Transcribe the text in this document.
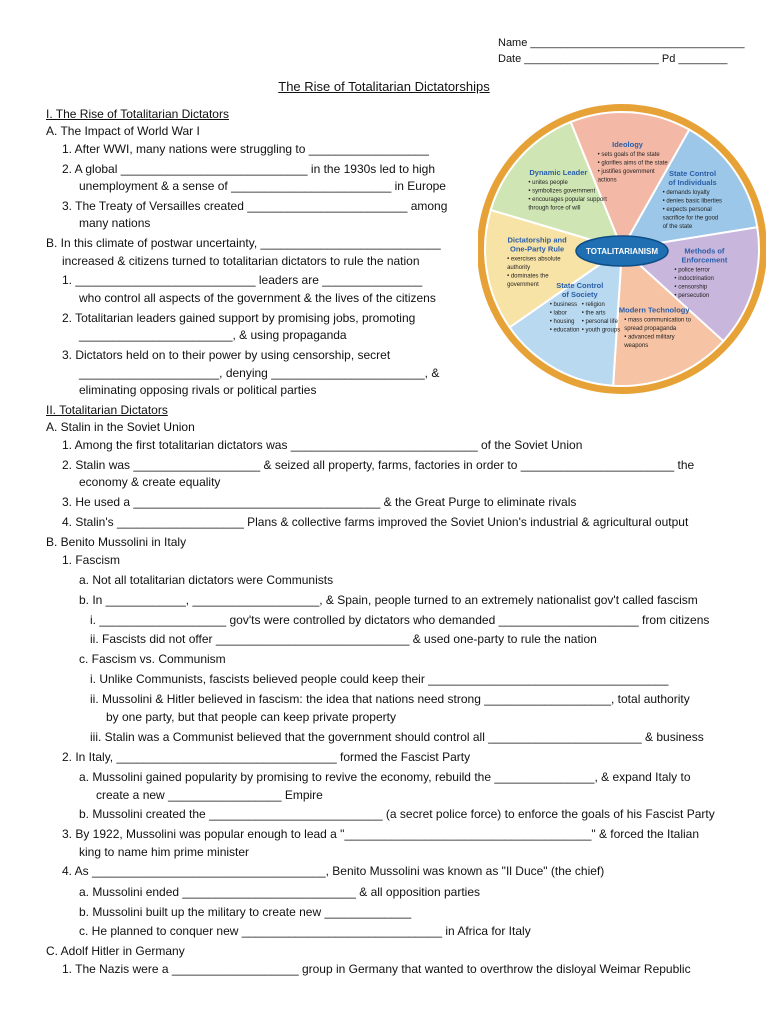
Name ___________________________________
Date ______________________ Pd ________
The Rise of Totalitarian Dictatorships
I. The Rise of Totalitarian Dictators
A. The Impact of World War I
1. After WWI, many nations were struggling to __________________
2. A global ____________________________ in the 1930s led to high
unemployment & a sense of ________________________ in Europe
3. The Treaty of Versailles created ________________________ among
many nations
B. In this climate of postwar uncertainty, ___________________________
increased & citizens turned to totalitarian dictators to rule the nation
1. ___________________________ leaders are _______________
who control all aspects of the government & the lives of the citizens
2. Totalitarian leaders gained support by promising jobs, promoting
_______________________, & using propaganda
3. Dictators held on to their power by using censorship, secret
_____________________, denying _______________________, &
eliminating opposing rivals or political parties
II. Totalitarian Dictators
A. Stalin in the Soviet Union
1. Among the first totalitarian dictators was ____________________________ of the Soviet Union
2. Stalin was ___________________ & seized all property, farms, factories in order to _______________________ the
economy & create equality
3. He used a _____________________________________ & the Great Purge to eliminate rivals
4. Stalin's ___________________ Plans & collective farms improved the Soviet Union's industrial & agricultural output
B. Benito Mussolini in Italy
1. Fascism
a. Not all totalitarian dictators were Communists
b. In ____________, ___________________, & Spain, people turned to an extremely nationalist gov't called fascism
i. ___________________ gov'ts were controlled by dictators who demanded _____________________ from citizens
ii. Fascists did not offer _____________________________ & used one-party to rule the nation
c. Fascism vs. Communism
i. Unlike Communists, fascists believed people could keep their ____________________________________
ii. Mussolini & Hitler believed in fascism: the idea that nations need strong ___________________, total authority
by one party, but that people can keep private property
iii. Stalin was a Communist believed that the government should control all _______________________ & business
2. In Italy, _________________________________ formed the Fascist Party
a. Mussolini gained popularity by promising to revive the economy, rebuild the _______________, & expand Italy to
create a new _________________ Empire
b. Mussolini created the __________________________ (a secret police force) to enforce the goals of his Fascist Party
3. By 1922, Mussolini was popular enough to lead a "_____________________________________" & forced the Italian
king to name him prime minister
4. As ___________________________________, Benito Mussolini was known as "Il Duce" (the chief)
a. Mussolini ended __________________________ & all opposition parties
b. Mussolini built up the military to create new _____________
c. He planned to conquer new ______________________________ in Africa for Italy
C. Adolf Hitler in Germany
1. The Nazis were a ___________________ group in Germany that wanted to overthrow the disloyal Weimar Republic
Ideology
• sets goals of the state
• glorifies aims of the state
• justifies government
actions
State Control
of Individuals
• demands loyalty
• denies basic liberties
• expects personal
sacrifice for the good
of the state
Methods of
Enforcement
• police terror
• indoctrination
• censorship
• persecution
Modern Technology
• mass communication to
spread propaganda
• advanced military
weapons
State Control
of Society
• business
• labor
• housing
• education
• religion
• the arts
• personal life
• youth groups
Dictatorship and
One-Party Rule
• exercises absolute
authority
• dominates the
government
Dynamic Leader
• unites people
• symbolizes government
• encourages popular support
through force of will
TOTALITARIANISM
